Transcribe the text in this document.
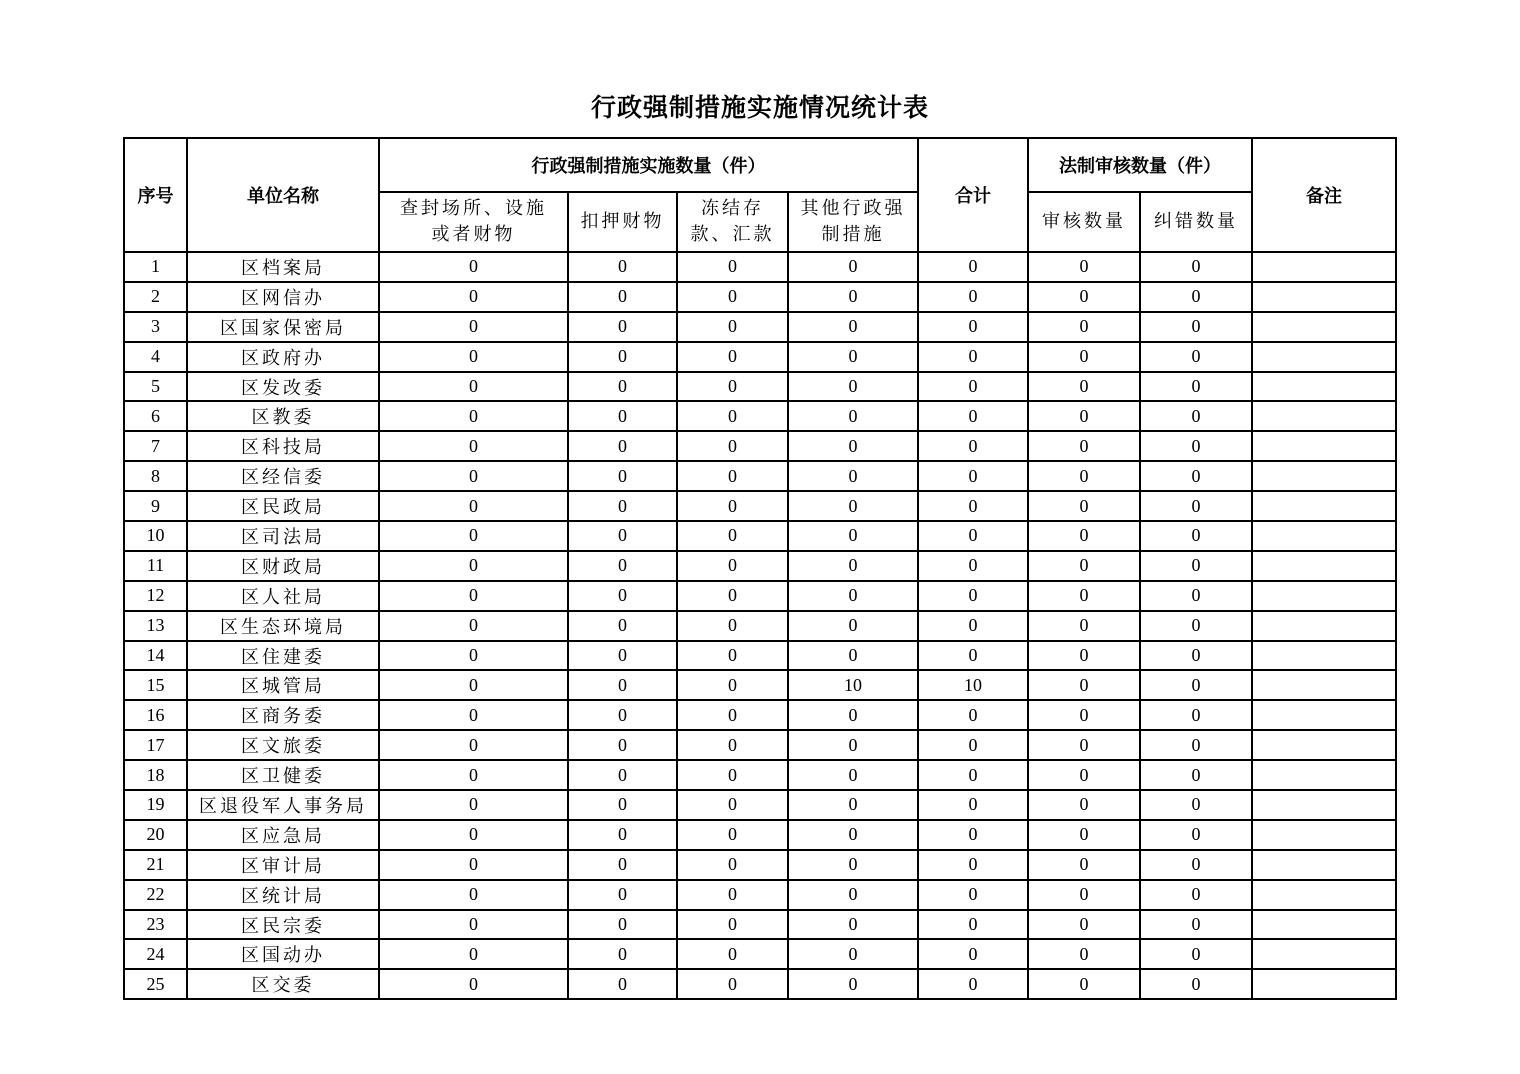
行政强制措施实施情况统计表
序号	单位名称	行政强制措施实施数量（件）				合计	法制审核数量（件）		备注
		查封场所、设施或者财物	扣押财物	冻结存款、汇款	其他行政强制措施		审核数量	纠错数量	
1	区档案局	0	0	0	0	0	0	0	
2	区网信办	0	0	0	0	0	0	0	
3	区国家保密局	0	0	0	0	0	0	0	
4	区政府办	0	0	0	0	0	0	0	
5	区发改委	0	0	0	0	0	0	0	
6	区教委	0	0	0	0	0	0	0	
7	区科技局	0	0	0	0	0	0	0	
8	区经信委	0	0	0	0	0	0	0	
9	区民政局	0	0	0	0	0	0	0	
10	区司法局	0	0	0	0	0	0	0	
11	区财政局	0	0	0	0	0	0	0	
12	区人社局	0	0	0	0	0	0	0	
13	区生态环境局	0	0	0	0	0	0	0	
14	区住建委	0	0	0	0	0	0	0	
15	区城管局	0	0	0	10	10	0	0	
16	区商务委	0	0	0	0	0	0	0	
17	区文旅委	0	0	0	0	0	0	0	
18	区卫健委	0	0	0	0	0	0	0	
19	区退役军人事务局	0	0	0	0	0	0	0	
20	区应急局	0	0	0	0	0	0	0	
21	区审计局	0	0	0	0	0	0	0	
22	区统计局	0	0	0	0	0	0	0	
23	区民宗委	0	0	0	0	0	0	0	
24	区国动办	0	0	0	0	0	0	0	
25	区交委	0	0	0	0	0	0	0	
